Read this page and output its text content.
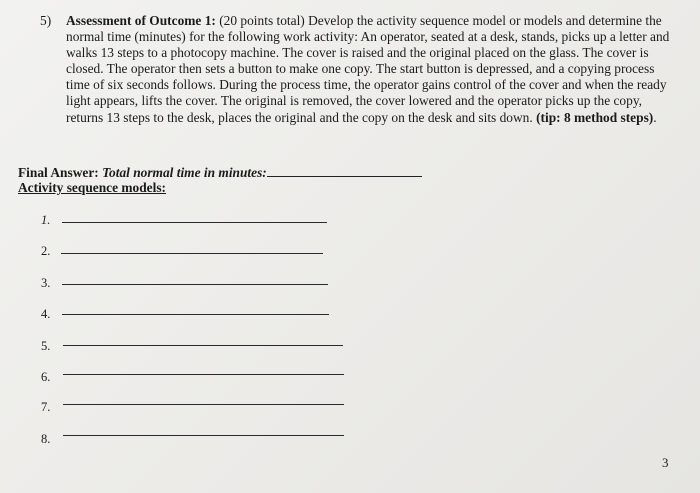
5) Assessment of Outcome 1: (20 points total) Develop the activity sequence model or models and determine the normal time (minutes) for the following work activity: An operator, seated at a desk, stands, picks up a letter and walks 13 steps to a photocopy machine. The cover is raised and the original placed on the glass. The cover is closed. The operator then sets a button to make one copy. The start button is depressed, and a copying process time of six seconds follows. During the process time, the operator gains control of the cover and when the ready light appears, lifts the cover. The original is removed, the cover lowered and the operator picks up the copy, returns 13 steps to the desk, places the original and the copy on the desk and sits down. (tip: 8 method steps).
Final Answer: Total normal time in minutes:
Activity sequence models:
1.
2.
3.
4.
5.
6.
7.
8.
3
